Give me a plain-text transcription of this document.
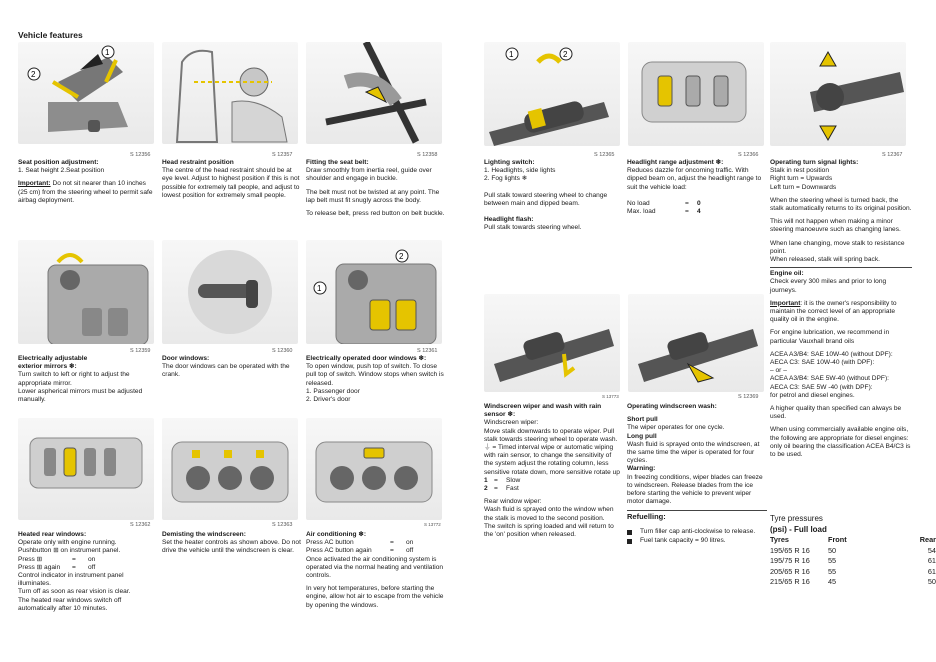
Vehicle features
1
2
S 12356	S 12357	S 12358
1	2
S 12365	S 12366	S 12367
Seat position adjustment:
1. Seat height 2.Seat position
Important: Do not sit nearer than 10 inches (25 cm) from the steering wheel to permit safe airbag deployment.
Head restraint position
The centre of the head restraint should be at eye level. Adjust to highest position if this is not possible for extremely tall people, and adjust to lowest position for extremely small people.
Fitting the seat belt:
Draw smoothly from inertia reel, guide over shoulder and engage in buckle.
The belt must not be twisted at any point. The lap belt must fit snugly across the body.
To release belt, press red button on belt buckle.
Lighting switch:
1. Headlights, side lights
2. Fog lights ❄
Pull stalk toward steering wheel to change between main and dipped beam.
Headlight flash:
Pull stalk towards steering wheel.
Headlight range adjustment ❄:
Reduces dazzle for oncoming traffic. With dipped beam on, adjust the headlight range to suit the vehicle load:
No load	=	0
Max. load	=	4
Operating turn signal lights:
Stalk in rest position
Right turn = Upwards
Left turn = Downwards
When the steering wheel is turned back, the stalk automatically returns to its original position.
This will not happen when making a minor steering manoeuvre such as changing lanes.
When lane changing, move stalk to resistance point.
When released, stalk will spring back.
Engine oil:
Check every 300 miles and prior to long journeys.
Important: it is the owner's responsibility to maintain the correct level of an appropriate quality oil in the engine.
For engine lubrication, we recommend in particular Vauxhall brand oils
ACEA A3/B4: SAE 10W-40 (without DPF):
AECA C3: SAE 10W-40 (with DPF):
– or –
ACEA A3/B4: SAE 5W-40 (without DPF):
AECA C3: SAE 5W -40 (with DPF):
for petrol and diesel engines.
A higher quality than specified can always be used.
When using commercially available engine oils, the following are appropriate for diesel engines: only oil bearing the classification ACEA B4/C3 is to be used.
Tyre pressures
(psi) - Full load
Tyres	Front	Rear
195/65 R 16	50	54
195/75 R 16	55	61
205/65 R 16	55	61
215/65 R 16	45	50
S 12359	S 12360
1
2
S 12361
S 13773	S 12369
Electrically adjustable
exterior mirrors ❄:
Turn switch to left or right to adjust the appropriate mirror.
Lower aspherical mirrors must be adjusted manually.
Door windows:
The door windows can be operated with the crank.
Electrically operated door windows ❄:
To open window, push top of switch. To close pull top of switch. Window stops when switch is released.
1. Passenger door
2. Driver's door
Windscreen wiper and wash with rain sensor ❄:
Windscreen wiper:
Move stalk downwards to operate wiper. Pull stalk towards steering wheel to operate wash.
⏚ = Timed interval wipe or automatic wiping with rain sensor, to change the sensitivity of the system adjust the rotating column, less sensitive rotate down, more sensitive rotate up
1 =	Slow
2 =	Fast
Rear window wiper:
Wash fluid is sprayed onto the window when the stalk is moved to the second position.
The switch is spring loaded and will return to the 'on' position when released.
Operating windscreen wash:
Short pull
The wiper operates for one cycle.
Long pull
Wash fluid is sprayed onto the windscreen, at the same time the wiper is operated for four cycles.
Warning:
In freezing conditions, wiper blades can freeze to windscreen. Release blades from the ice before starting the vehicle to prevent wiper motor damage.
Refuelling:
Turn filler cap anti-clockwise to release.
Fuel tank capacity = 90 litres.
S 12362	S 12363	S 13772
Heated rear windows:
Operate only with engine running.
Pushbutton ⊞ on instrument panel.
Press ⊞	=	on
Press ⊞ again	=	off
Control indicator in instrument panel illuminates.
Turn off as soon as rear vision is clear.
The heated rear windows switch off automatically after 10 minutes.
Demisting the windscreen:
Set the heater controls as shown above. Do not drive the vehicle until the windscreen is clear.
Air conditioning ❄:
Press AC button	=	on
Press AC button again	=	off
Once activated the air conditioning system is operated via the normal heating and ventilation controls.
In very hot temperatures, before starting the engine, allow hot air to escape from the vehicle by opening the windows.
